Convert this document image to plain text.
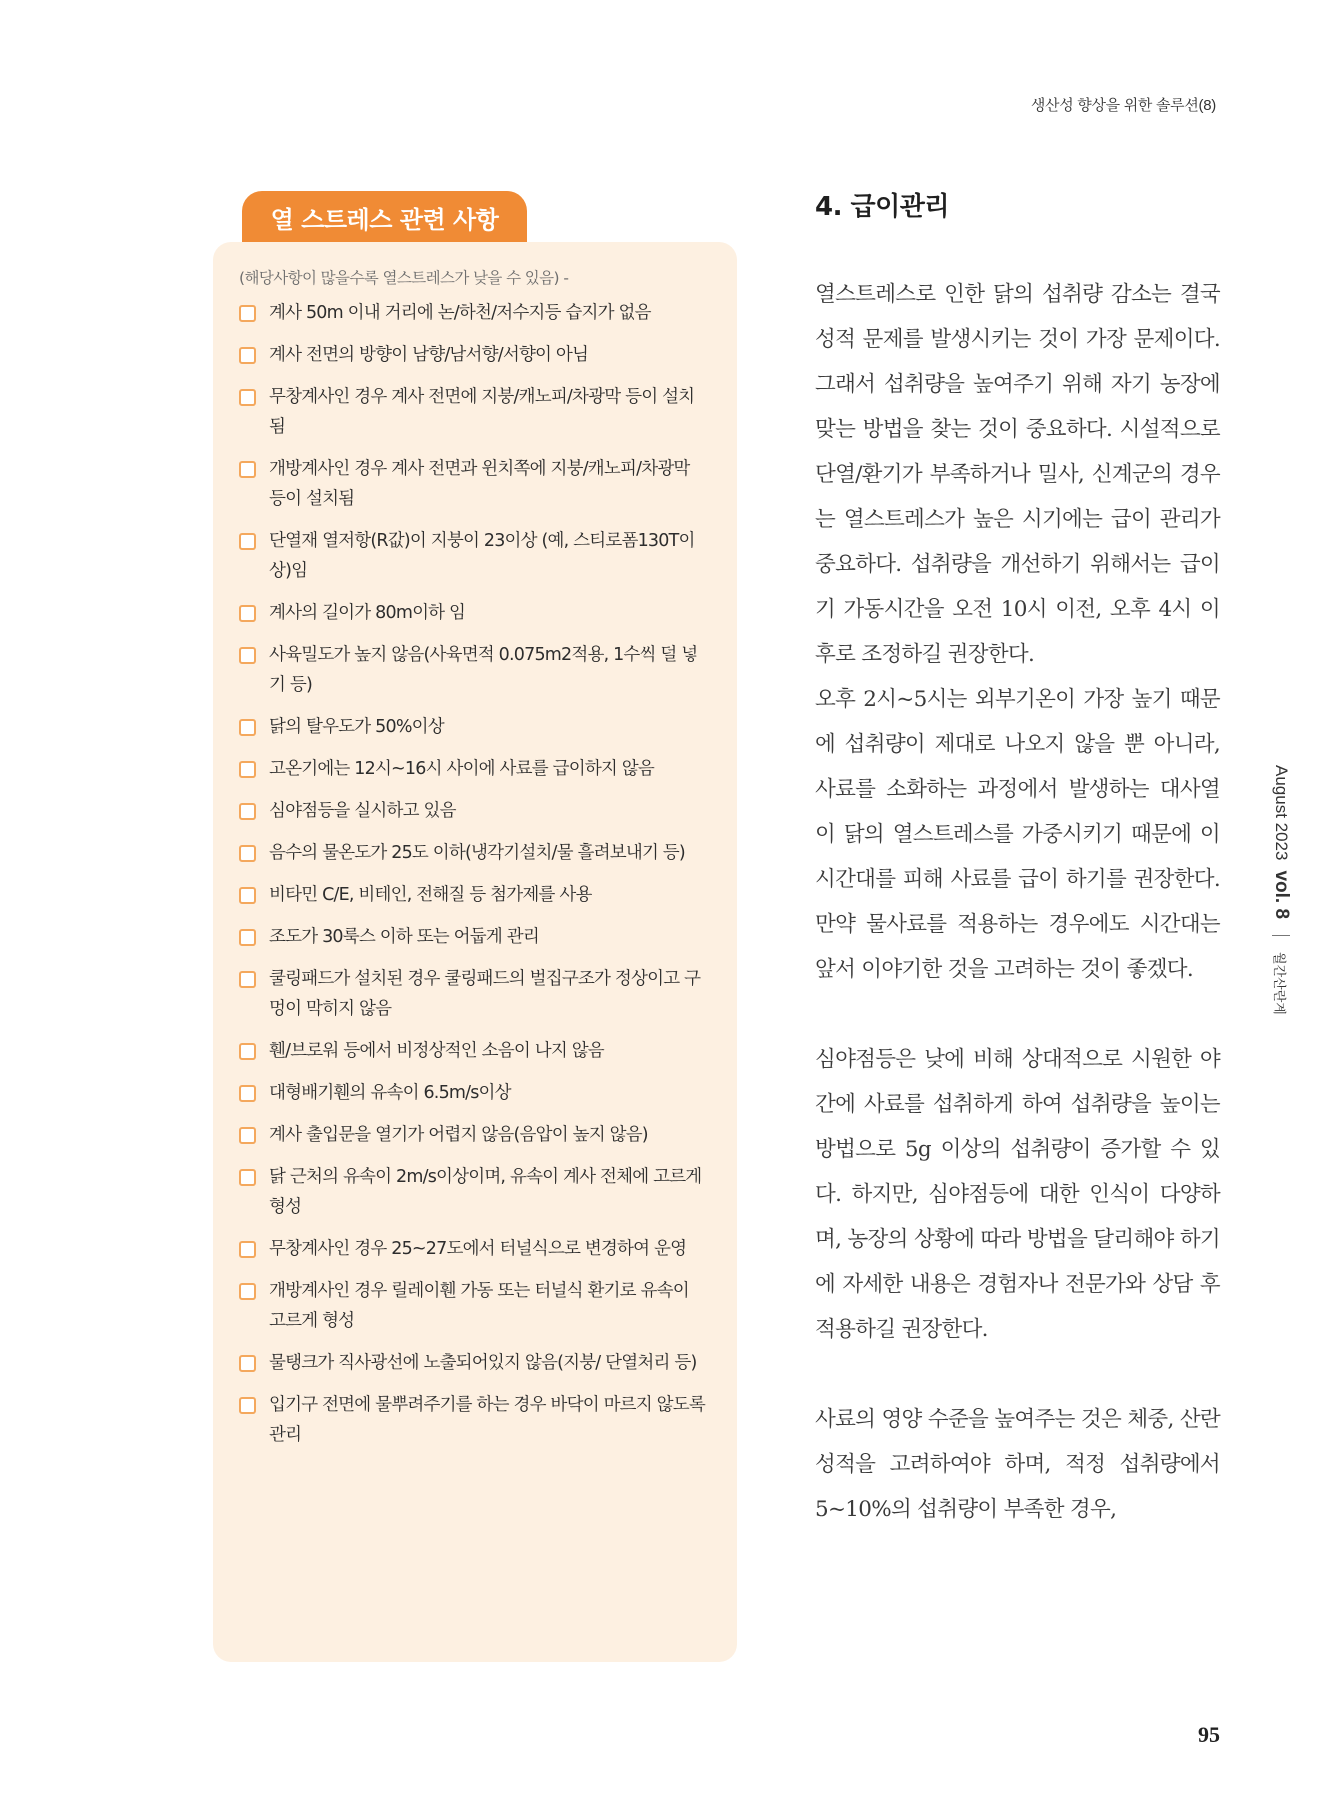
생산성 향상을 위한 솔루션(8)
열 스트레스 관련 사항
(해당사항이 많을수록 열스트레스가 낮을 수 있음) -
계사 50m 이내 거리에 논/하천/저수지등 습지가 없음
계사 전면의 방향이 남향/남서향/서향이 아님
무창계사인 경우 계사 전면에 지붕/캐노피/차광막 등이 설치됨
개방계사인 경우 계사 전면과 윈치쪽에 지붕/캐노피/차광막 등이 설치됨
단열재 열저항(R값)이 지붕이 23이상 (예, 스티로폼130T이상)임
계사의 길이가 80m이하 임
사육밀도가 높지 않음(사육면적 0.075m2적용, 1수씩 덜 넣기 등)
닭의 탈우도가 50%이상
고온기에는 12시~16시 사이에 사료를 급이하지 않음
심야점등을 실시하고 있음
음수의 물온도가 25도 이하(냉각기설치/물 흘려보내기 등)
비타민 C/E, 비테인, 전해질 등 첨가제를 사용
조도가 30룩스 이하 또는 어둡게 관리
쿨링패드가 설치된 경우 쿨링패드의 벌집구조가 정상이고 구멍이 막히지 않음
휀/브로워 등에서 비정상적인 소음이 나지 않음
대형배기휀의 유속이 6.5m/s이상
계사 출입문을 열기가 어렵지 않음(음압이 높지 않음)
닭 근처의 유속이 2m/s이상이며, 유속이 계사 전체에 고르게 형성
무창계사인 경우 25~27도에서 터널식으로 변경하여 운영
개방계사인 경우 릴레이휀 가동 또는 터널식 환기로 유속이 고르게 형성
물탱크가 직사광선에 노출되어있지 않음(지붕/ 단열처리 등)
입기구 전면에 물뿌려주기를 하는 경우 바닥이 마르지 않도록 관리
4. 급이관리

열스트레스로 인한 닭의 섭취량 감소는 결국 성적 문제를 발생시키는 것이 가장 문제이다. 그래서 섭취량을 높여주기 위해 자기 농장에 맞는 방법을 찾는 것이 중요하다. 시설적으로 단열/환기가 부족하거나 밀사, 신계군의 경우는 열스트레스가 높은 시기에는 급이 관리가 중요하다. 섭취량을 개선하기 위해서는 급이기 가동시간을 오전 10시 이전, 오후 4시 이후로 조정하길 권장한다.

오후 2시~5시는 외부기온이 가장 높기 때문에 섭취량이 제대로 나오지 않을 뿐 아니라, 사료를 소화하는 과정에서 발생하는 대사열이 닭의 열스트레스를 가중시키기 때문에 이 시간대를 피해 사료를 급이 하기를 권장한다. 만약 물사료를 적용하는 경우에도 시간대는 앞서 이야기한 것을 고려하는 것이 좋겠다.

심야점등은 낮에 비해 상대적으로 시원한 야간에 사료를 섭취하게 하여 섭취량을 높이는 방법으로 5g 이상의 섭취량이 증가할 수 있다. 하지만, 심야점등에 대한 인식이 다양하며, 농장의 상황에 따라 방법을 달리해야 하기에 자세한 내용은 경험자나 전문가와 상담 후 적용하길 권장한다.

사료의 영양 수준을 높여주는 것은 체중, 산란성적을 고려하여야 하며, 적정 섭취량에서 5~10%의 섭취량이 부족한 경우,

August 2023
vol. 8
월간산란계
95
